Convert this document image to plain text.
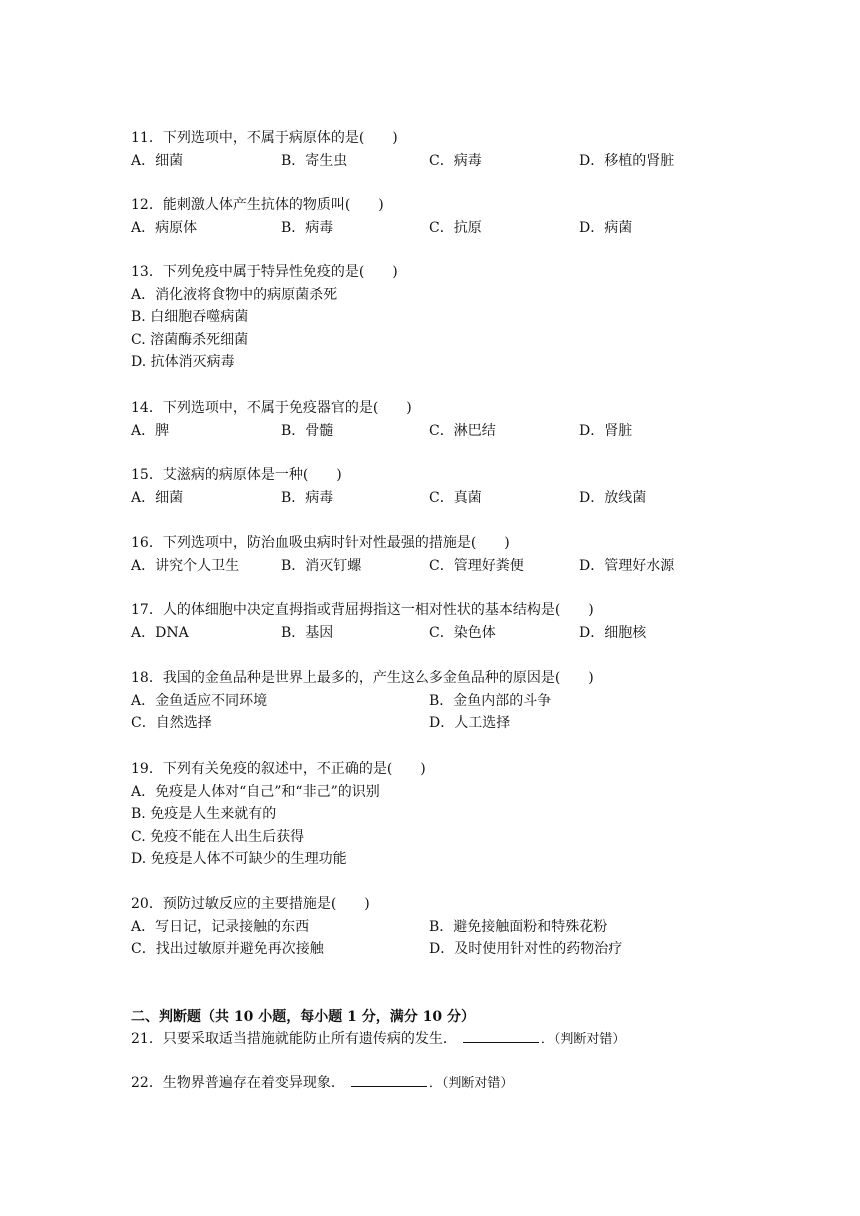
11．下列选项中，不属于病原体的是(　　)
A．细菌	B．寄生虫	C．病毒	D．移植的肾脏
12．能刺激人体产生抗体的物质叫(　　)
A．病原体	B．病毒	C．抗原	D．病菌
13．下列免疫中属于特异性免疫的是(　　)
A．消化液将食物中的病原菌杀死
B. 白细胞吞噬病菌
C. 溶菌酶杀死细菌
D. 抗体消灭病毒
14．下列选项中，不属于免疫器官的是(　　)
A．脾	B．骨髓	C．淋巴结	D．肾脏
15．艾滋病的病原体是一种(　　)
A．细菌	B．病毒	C．真菌	D．放线菌
16．下列选项中，防治血吸虫病时针对性最强的措施是(　　)
A．讲究个人卫生	B．消灭钉螺	C．管理好粪便	D．管理好水源
17．人的体细胞中决定直拇指或背屈拇指这一相对性状的基本结构是(　　)
A．DNA	B．基因	C．染色体	D．细胞核
18．我国的金鱼品种是世界上最多的，产生这么多金鱼品种的原因是(　　)
A．金鱼适应不同环境	B．金鱼内部的斗争
C．自然选择	D．人工选择
19．下列有关免疫的叙述中，不正确的是(　　)
A．免疫是人体对“自己”和“非己”的识别
B. 免疫是人生来就有的
C. 免疫不能在人出生后获得
D. 免疫是人体不可缺少的生理功能
20．预防过敏反应的主要措施是(　　)
A．写日记，记录接触的东西	B．避免接触面粉和特殊花粉
C．找出过敏原并避免再次接触	D．及时使用针对性的药物治疗
二、判断题（共 10 小题，每小题 1 分，满分 10 分）
21．只要采取适当措施就能防止所有遗传病的发生．	．（判断对错）
22．生物界普遍存在着变异现象．	．（判断对错）
